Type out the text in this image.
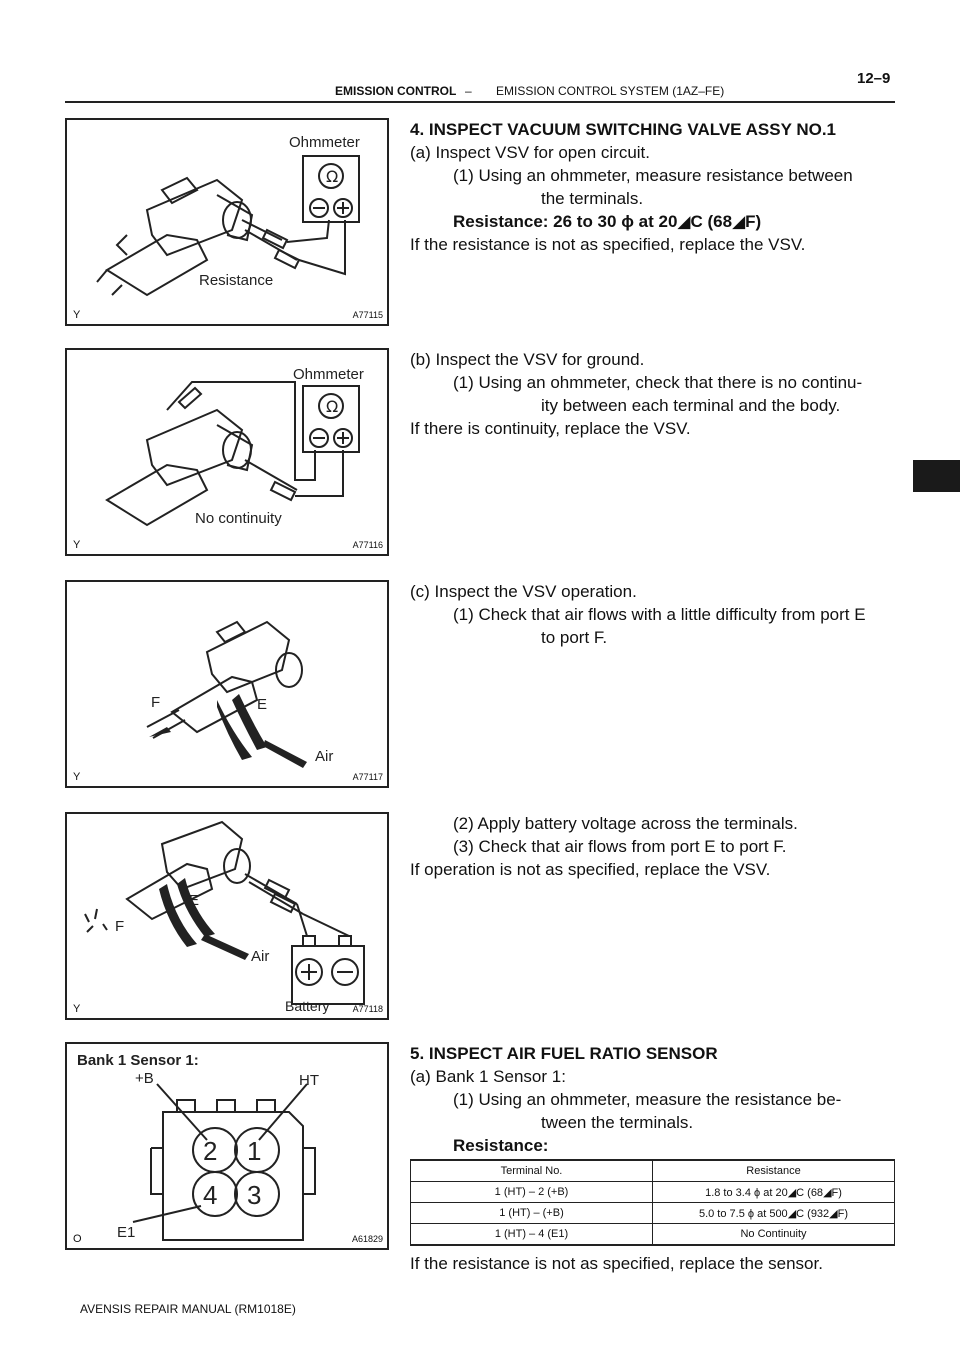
EMISSION CONTROL – EMISSION CONTROL SYSTEM (1AZ–FE)
12–9
Ω
Ohmmeter
Resistance
Y	A77115
Ω
Ohmmeter
No continuity
Y	A77116
F	E
Air
Y	A77117
E
F
Air
Battery
Y	A77118
Bank 1 Sensor 1:
+B	HT
E1
2 1
4 3
O	A61829
4. INSPECT VACUUM SWITCHING VALVE ASSY NO.1
(a) Inspect VSV for open circuit.
(1) Using an ohmmeter, measure resistance between
the terminals.
Resistance: 26 to 30 ϕ at 20◢C (68◢F)
If the resistance is not as specified, replace the VSV.
(b) Inspect the VSV for ground.
(1) Using an ohmmeter, check that there is no continu-
ity between each terminal and the body.
If there is continuity, replace the VSV.
(c) Inspect the VSV operation.
(1) Check that air flows with a little difficulty from port E
to port F.
(2) Apply battery voltage across the terminals.
(3) Check that air flows from port E to port F.
If operation is not as specified, replace the VSV.
5. INSPECT AIR FUEL RATIO SENSOR
(a) Bank 1 Sensor 1:
(1) Using an ohmmeter, measure the resistance be-
tween the terminals.
Resistance:
Terminal No.	Resistance
1 (HT) – 2 (+B)	1.8 to 3.4 ϕ at 20◢C (68◢F)
1 (HT) – (+B)	5.0 to 7.5 ϕ at 500◢C (932◢F)
1 (HT) – 4 (E1)	No Continuity
If the resistance is not as specified, replace the sensor.
AVENSIS REPAIR MANUAL (RM1018E)
